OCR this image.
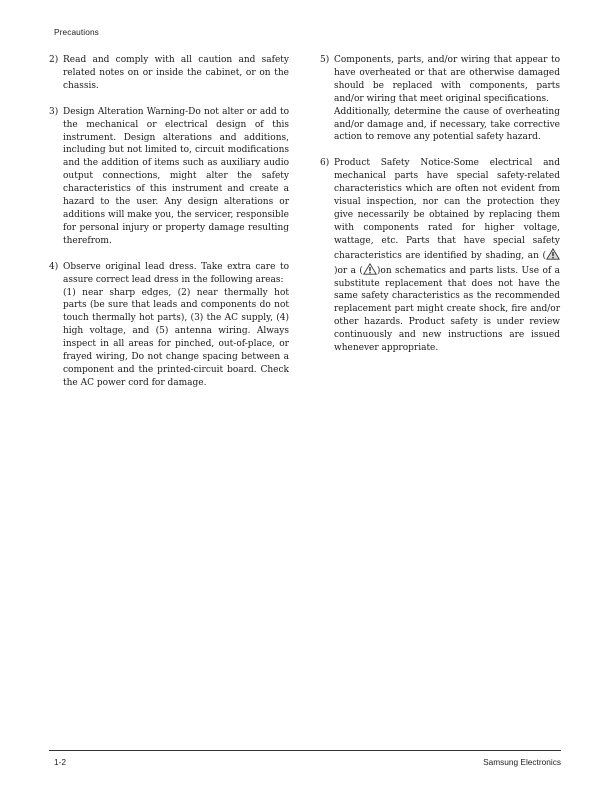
Precautions
2) Read and comply with all caution and safety related notes on or inside the cabinet, or on the chassis.

3) Design Alteration Warning-Do not alter or add to the mechanical or electrical design of this instrument. Design alterations and additions, including but not limited to, circuit modifications and the addition of items such as auxiliary audio output connections, might alter the safety characteristics of this instrument and create a hazard to the user. Any design alterations or additions will make you, the servicer, responsible for personal injury or property damage resulting therefrom.

4) Observe original lead dress. Take extra care to assure correct lead dress in the following areas:

(1) near sharp edges, (2) near thermally hot parts (be sure that leads and components do not touch thermally hot parts), (3) the AC supply, (4) high voltage, and (5) antenna wiring. Always inspect in all areas for pinched, out-of-place, or frayed wiring, Do not change spacing between a component and the printed-circuit board. Check the AC power cord for damage.

5) Components, parts, and/or wiring that appear to have overheated or that are otherwise damaged should be replaced with components, parts and/or wiring that meet original specifications.

Additionally, determine the cause of overheating and/or damage and, if necessary, take corrective action to remove any potential safety hazard.

6) Product Safety Notice-Some electrical and mechanical parts have special safety-related characteristics which are often not evident from visual inspection, nor can the protection they give necessarily be obtained by replacing them with components rated for higher voltage, wattage, etc. Parts that have special safety characteristics are identified by shading, an ()or a ( )on schematics and parts lists. Use of a substitute replacement that does not have the same safety characteristics as the recommended replacement part might create shock, fire and/or other hazards. Product safety is under review continuously and new instructions are issued whenever appropriate.

1-2	Samsung Electronics
